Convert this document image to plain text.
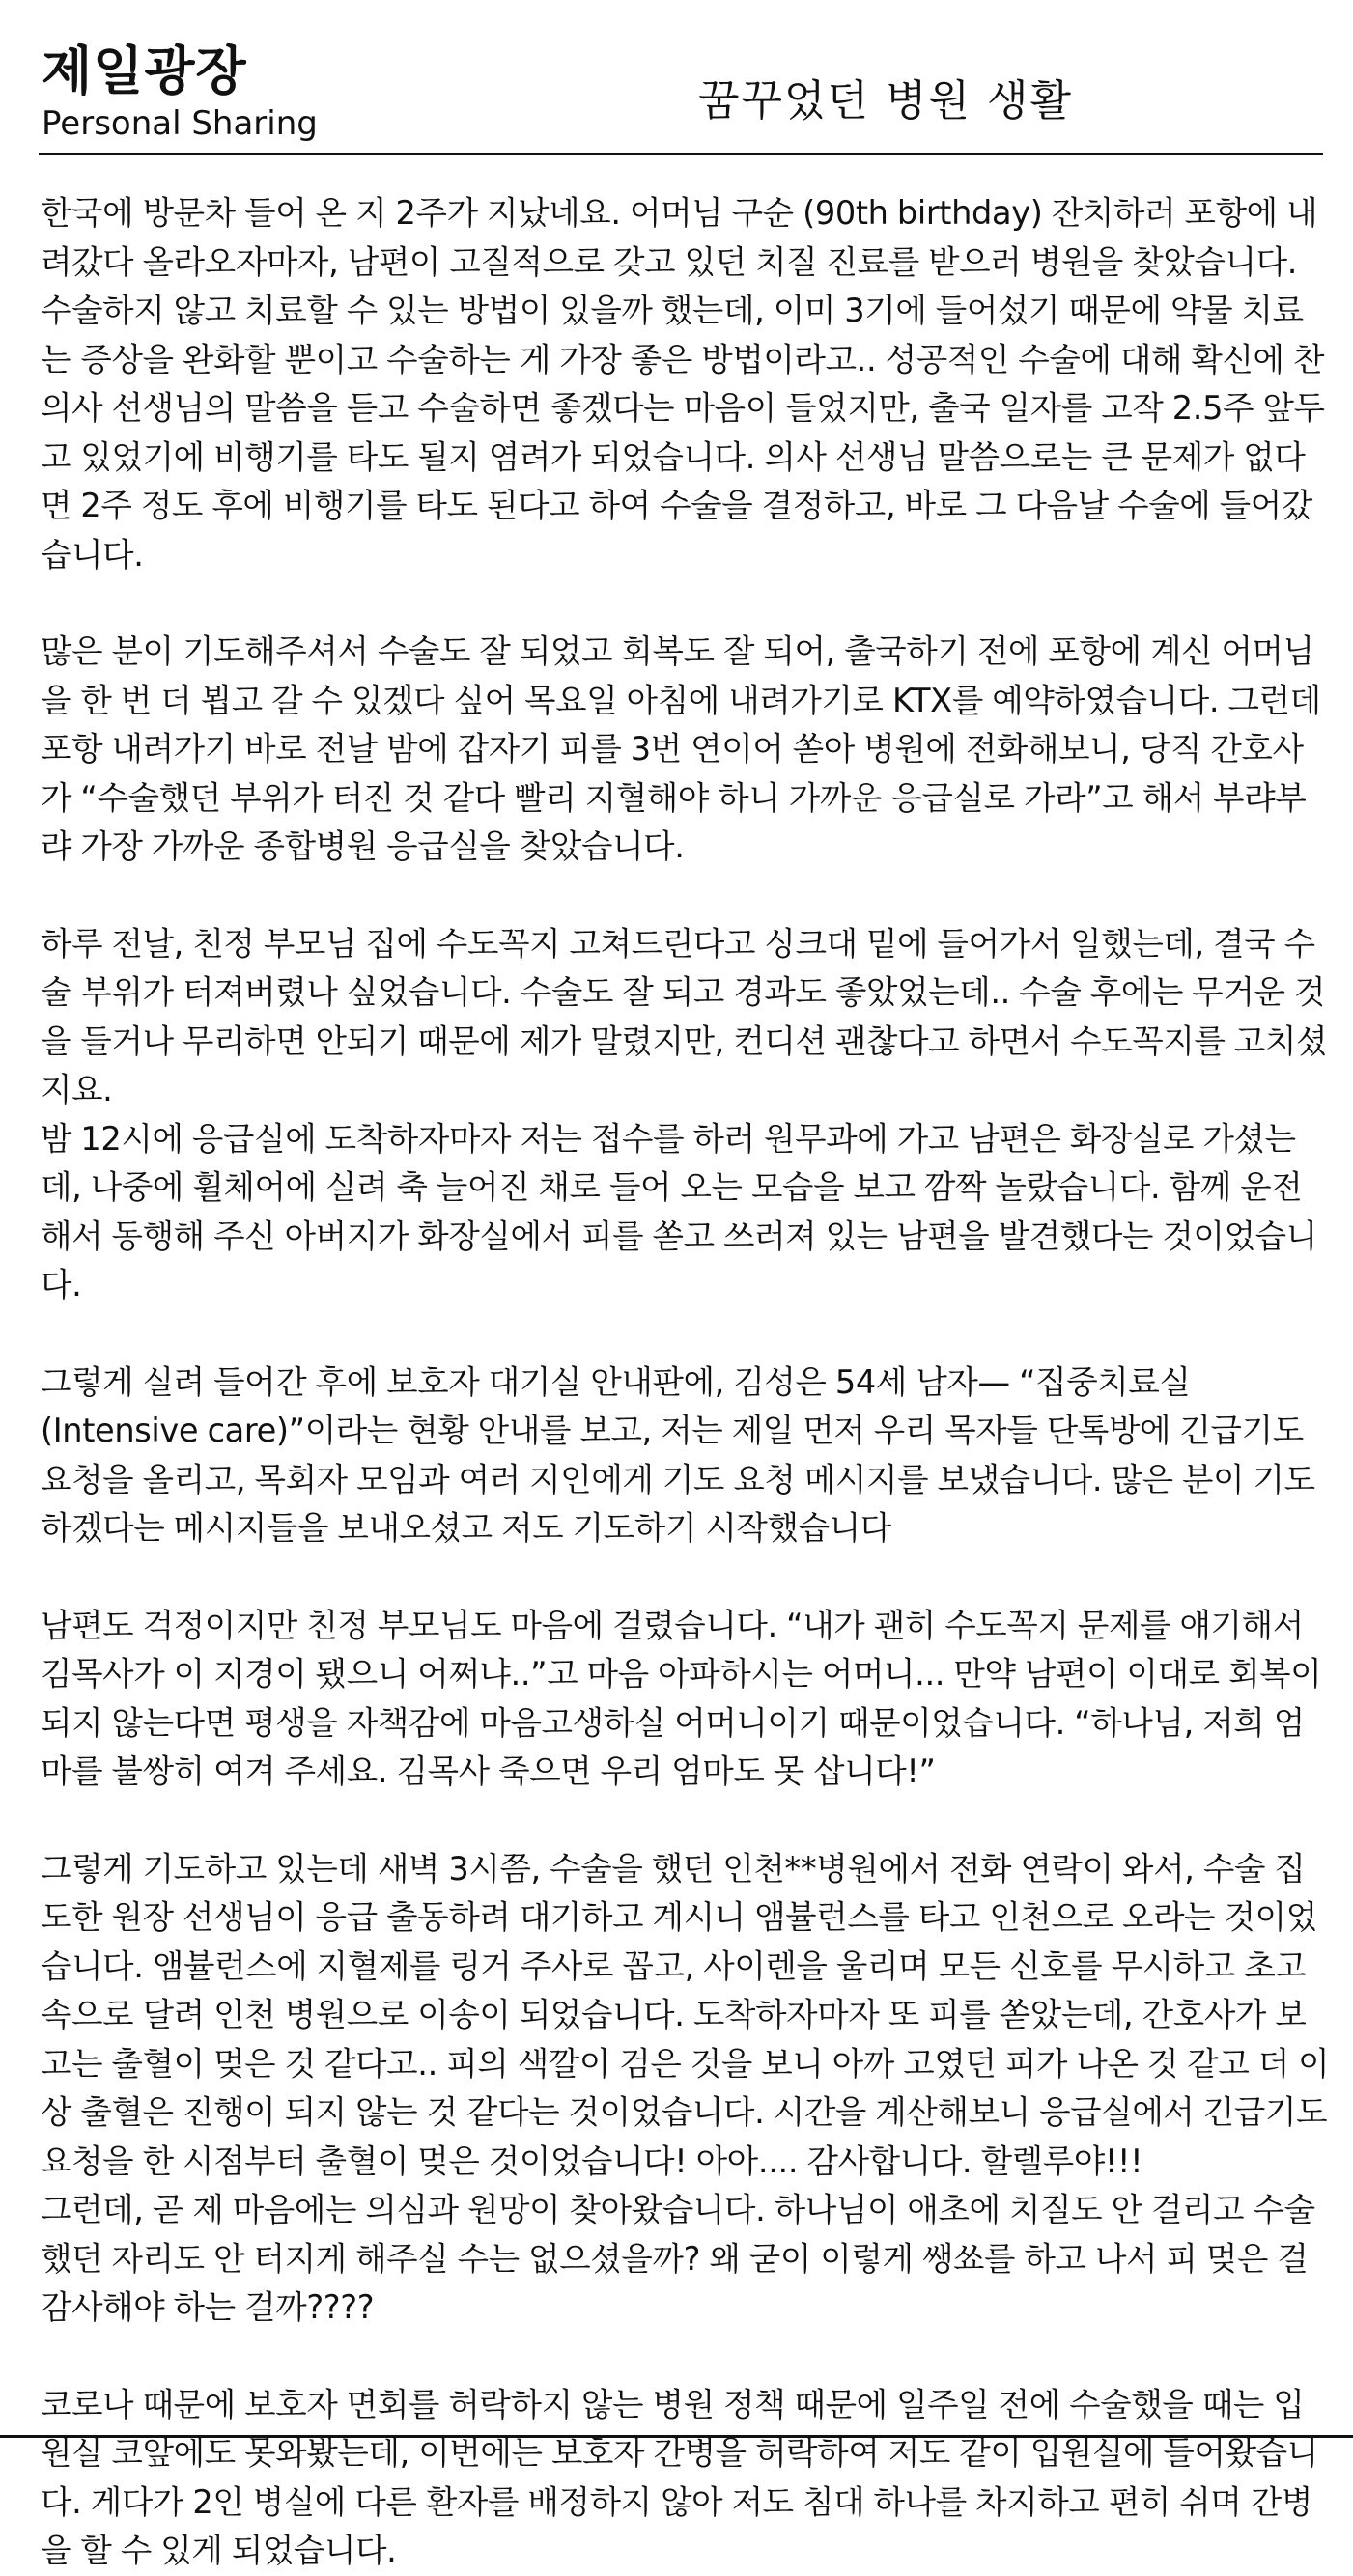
제일광장
Personal Sharing	꿈꾸었던 병원 생활
한국에 방문차 들어 온 지 2주가 지났네요. 어머님 구순 (90th birthday) 잔치하러 포항에 내려갔다 올라오자마자, 남편이 고질적으로 갖고 있던 치질 진료를 받으러 병원을 찾았습니다. 수술하지 않고 치료할 수 있는 방법이 있을까 했는데, 이미 3기에 들어섰기 때문에 약물 치료는 증상을 완화할 뿐이고 수술하는 게 가장 좋은 방법이라고.. 성공적인 수술에 대해 확신에 찬 의사 선생님의 말씀을 듣고 수술하면 좋겠다는 마음이 들었지만, 출국 일자를 고작 2.5주 앞두고 있었기에 비행기를 타도 될지 염려가 되었습니다. 의사 선생님 말씀으로는 큰 문제가 없다면 2주 정도 후에 비행기를 타도 된다고 하여 수술을 결정하고, 바로 그 다음날 수술에 들어갔습니다.
많은 분이 기도해주셔서 수술도 잘 되었고 회복도 잘 되어, 출국하기 전에 포항에 계신 어머님을 한 번 더 뵙고 갈 수 있겠다 싶어 목요일 아침에 내려가기로 KTX를 예약하였습니다. 그런데 포항 내려가기 바로 전날 밤에 갑자기 피를 3번 연이어 쏟아 병원에 전화해보니, 당직 간호사가 “수술했던 부위가 터진 것 같다 빨리 지혈해야 하니 가까운 응급실로 가라”고 해서 부랴부랴 가장 가까운 종합병원 응급실을 찾았습니다.
하루 전날, 친정 부모님 집에 수도꼭지 고쳐드린다고 싱크대 밑에 들어가서 일했는데, 결국 수술 부위가 터져버렸나 싶었습니다. 수술도 잘 되고 경과도 좋았었는데.. 수술 후에는 무거운 것을 들거나 무리하면 안되기 때문에 제가 말렸지만, 컨디션 괜찮다고 하면서 수도꼭지를 고치셨지요.
밤 12시에 응급실에 도착하자마자 저는 접수를 하러 원무과에 가고 남편은 화장실로 가셨는데, 나중에 휠체어에 실려 축 늘어진 채로 들어 오는 모습을 보고 깜짝 놀랐습니다. 함께 운전해서 동행해 주신 아버지가 화장실에서 피를 쏟고 쓰러져 있는 남편을 발견했다는 것이었습니다.
그렇게 실려 들어간 후에 보호자 대기실 안내판에, 김성은 54세 남자— “집중치료실 (Intensive care)”이라는 현황 안내를 보고, 저는 제일 먼저 우리 목자들 단톡방에 긴급기도 요청을 올리고, 목회자 모임과 여러 지인에게 기도 요청 메시지를 보냈습니다. 많은 분이 기도하겠다는 메시지들을 보내오셨고 저도 기도하기 시작했습니다
남편도 걱정이지만 친정 부모님도 마음에 걸렸습니다. “내가 괜히 수도꼭지 문제를 얘기해서 김목사가 이 지경이 됐으니 어쩌냐..”고 마음 아파하시는 어머니... 만약 남편이 이대로 회복이 되지 않는다면 평생을 자책감에 마음고생하실 어머니이기 때문이었습니다. “하나님, 저희 엄마를 불쌍히 여겨 주세요. 김목사 죽으면 우리 엄마도 못 삽니다!”
그렇게 기도하고 있는데 새벽 3시쯤, 수술을 했던 인천**병원에서 전화 연락이 와서, 수술 집도한 원장 선생님이 응급 출동하려 대기하고 계시니 앰뷸런스를 타고 인천으로 오라는 것이었습니다. 앰뷸런스에 지혈제를 링거 주사로 꼽고, 사이렌을 울리며 모든 신호를 무시하고 초고속으로 달려 인천 병원으로 이송이 되었습니다. 도착하자마자 또 피를 쏟았는데, 간호사가 보고는 출혈이 멎은 것 같다고.. 피의 색깔이 검은 것을 보니 아까 고였던 피가 나온 것 같고 더 이상 출혈은 진행이 되지 않는 것 같다는 것이었습니다. 시간을 계산해보니 응급실에서 긴급기도 요청을 한 시점부터 출혈이 멎은 것이었습니다! 아아.... 감사합니다. 할렐루야!!!
그런데, 곧 제 마음에는 의심과 원망이 찾아왔습니다. 하나님이 애초에 치질도 안 걸리고 수술했던 자리도 안 터지게 해주실 수는 없으셨을까? 왜 굳이 이렇게 쌩쑈를 하고 나서 피 멎은 걸 감사해야 하는 걸까????
코로나 때문에 보호자 면회를 허락하지 않는 병원 정책 때문에 일주일 전에 수술했을 때는 입원실 코앞에도 못와봤는데, 이번에는 보호자 간병을 허락하여 저도 같이 입원실에 들어왔습니다. 게다가 2인 병실에 다른 환자를 배정하지 않아 저도 침대 하나를 차지하고 편히 쉬며 간병을 할 수 있게 되었습니다.
